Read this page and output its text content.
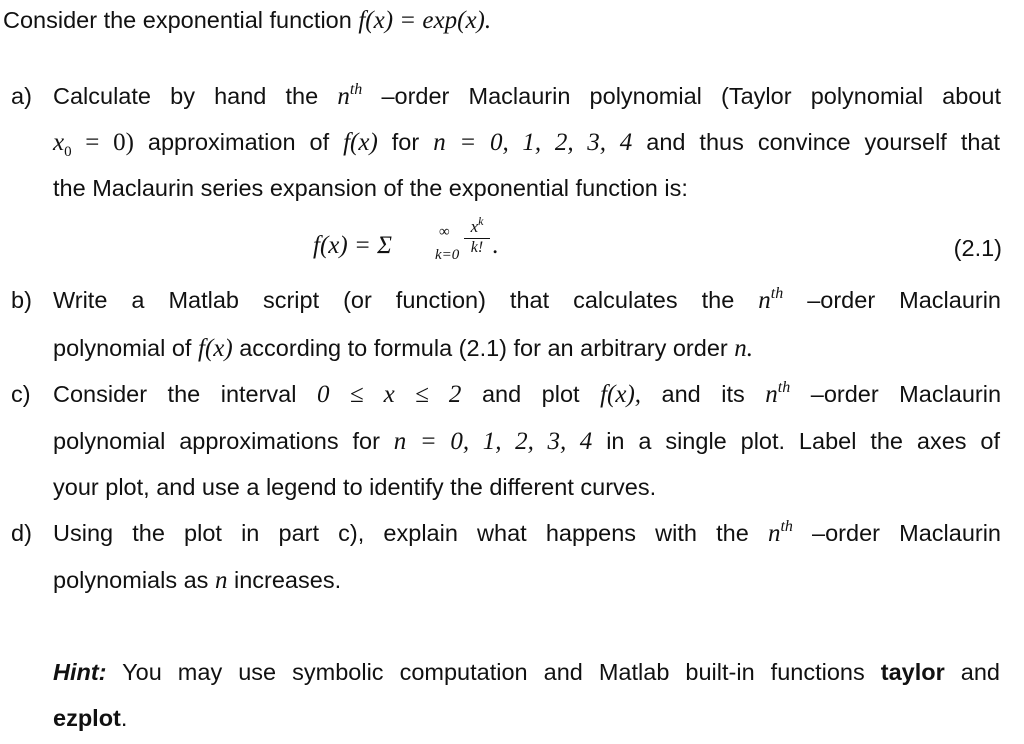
Consider the exponential function f(x) = exp(x).
a) Calculate by hand the $n^{th}$ –order Maclaurin polynomial (Taylor polynomial about
$x_0 = 0$) approximation of f(x) for n = 0, 1, 2, 3, 4 and thus convince yourself that
the Maclaurin series expansion of the exponential function is:
f(x) = Σ	∞
k=0
$x^k$
k! .	(2.1)
b) Write a Matlab script (or function) that calculates the $n^{th}$ –order Maclaurin
polynomial of f(x) according to formula (2.1) for an arbitrary order n.
c) Consider the interval 0 ≤ x ≤ 2 and plot f(x), and its $n^{th}$ –order Maclaurin
polynomial approximations for n = 0, 1, 2, 3, 4 in a single plot. Label the axes of
your plot, and use a legend to identify the different curves.
d) Using the plot in part c), explain what happens with the $n^{th}$ –order Maclaurin
polynomials as n increases.
Hint: You may use symbolic computation and Matlab built-in functions taylor and
ezplot.
